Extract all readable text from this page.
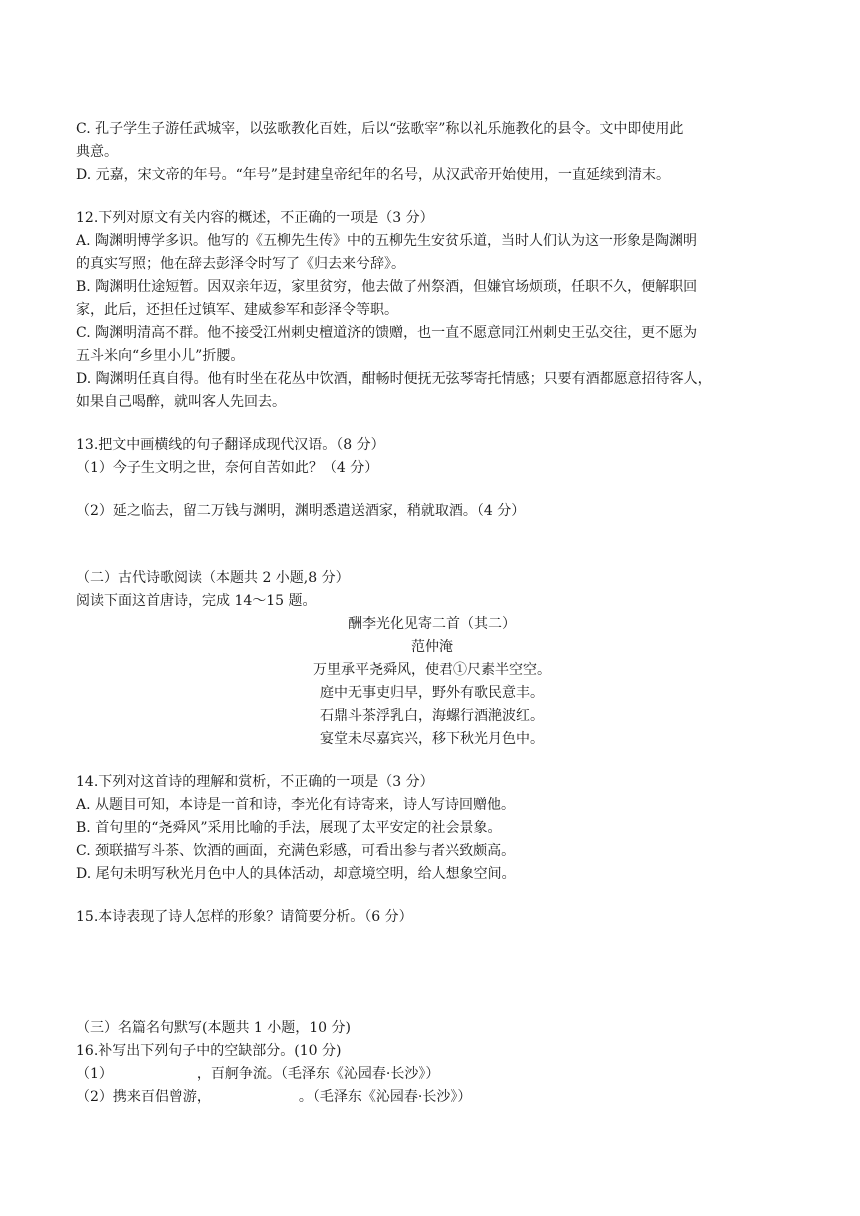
C. 孔子学生子游任武城宰，以弦歌教化百姓，后以“弦歌宰”称以礼乐施教化的县令。文中即使用此
典意。
D. 元嘉，宋文帝的年号。“年号”是封建皇帝纪年的名号，从汉武帝开始使用，一直延续到清末。
12.下列对原文有关内容的概述，不正确的一项是（3 分）
A. 陶渊明博学多识。他写的《五柳先生传》中的五柳先生安贫乐道，当时人们认为这一形象是陶渊明
的真实写照；他在辞去彭泽令时写了《归去来兮辞》。
B. 陶渊明仕途短暂。因双亲年迈，家里贫穷，他去做了州祭酒，但嫌官场烦琐，任职不久，便解职回
家，此后，还担任过镇军、建威参军和彭泽令等职。
C. 陶渊明清高不群。他不接受江州刺史檀道济的馈赠，也一直不愿意同江州刺史王弘交往，更不愿为
五斗米向“乡里小儿”折腰。
D. 陶渊明任真自得。他有时坐在花丛中饮酒，酣畅时便抚无弦琴寄托情感；只要有酒都愿意招待客人，
如果自己喝醉，就叫客人先回去。
13.把文中画横线的句子翻译成现代汉语。（8 分）
（1）今子生文明之世，奈何自苦如此？（4 分）
（2）延之临去，留二万钱与渊明，渊明悉遣送酒家，稍就取酒。（4 分）
（二）古代诗歌阅读（本题共 2 小题,8 分）
阅读下面这首唐诗，完成 14～15 题。
酬李光化见寄二首（其二）
范仲淹
万里承平尧舜风，使君①尺素半空空。
庭中无事吏归早，野外有歌民意丰。
石鼎斗茶浮乳白，海螺行酒滟波红。
宴堂未尽嘉宾兴，移下秋光月色中。
14.下列对这首诗的理解和赏析，不正确的一项是（3 分）
A. 从题目可知，本诗是一首和诗，李光化有诗寄来，诗人写诗回赠他。
B. 首句里的“尧舜风”采用比喻的手法，展现了太平安定的社会景象。
C. 颈联描写斗茶、饮酒的画面，充满色彩感，可看出参与者兴致颇高。
D. 尾句未明写秋光月色中人的具体活动，却意境空明，给人想象空间。
15.本诗表现了诗人怎样的形象？请简要分析。（6 分）
（三）名篇名句默写(本题共 1 小题，10 分)
16.补写出下列句子中的空缺部分。(10 分)
（1）	，百舸争流。（毛泽东《沁园春·长沙》）
（2）携来百侣曾游，	。（毛泽东《沁园春·长沙》）
